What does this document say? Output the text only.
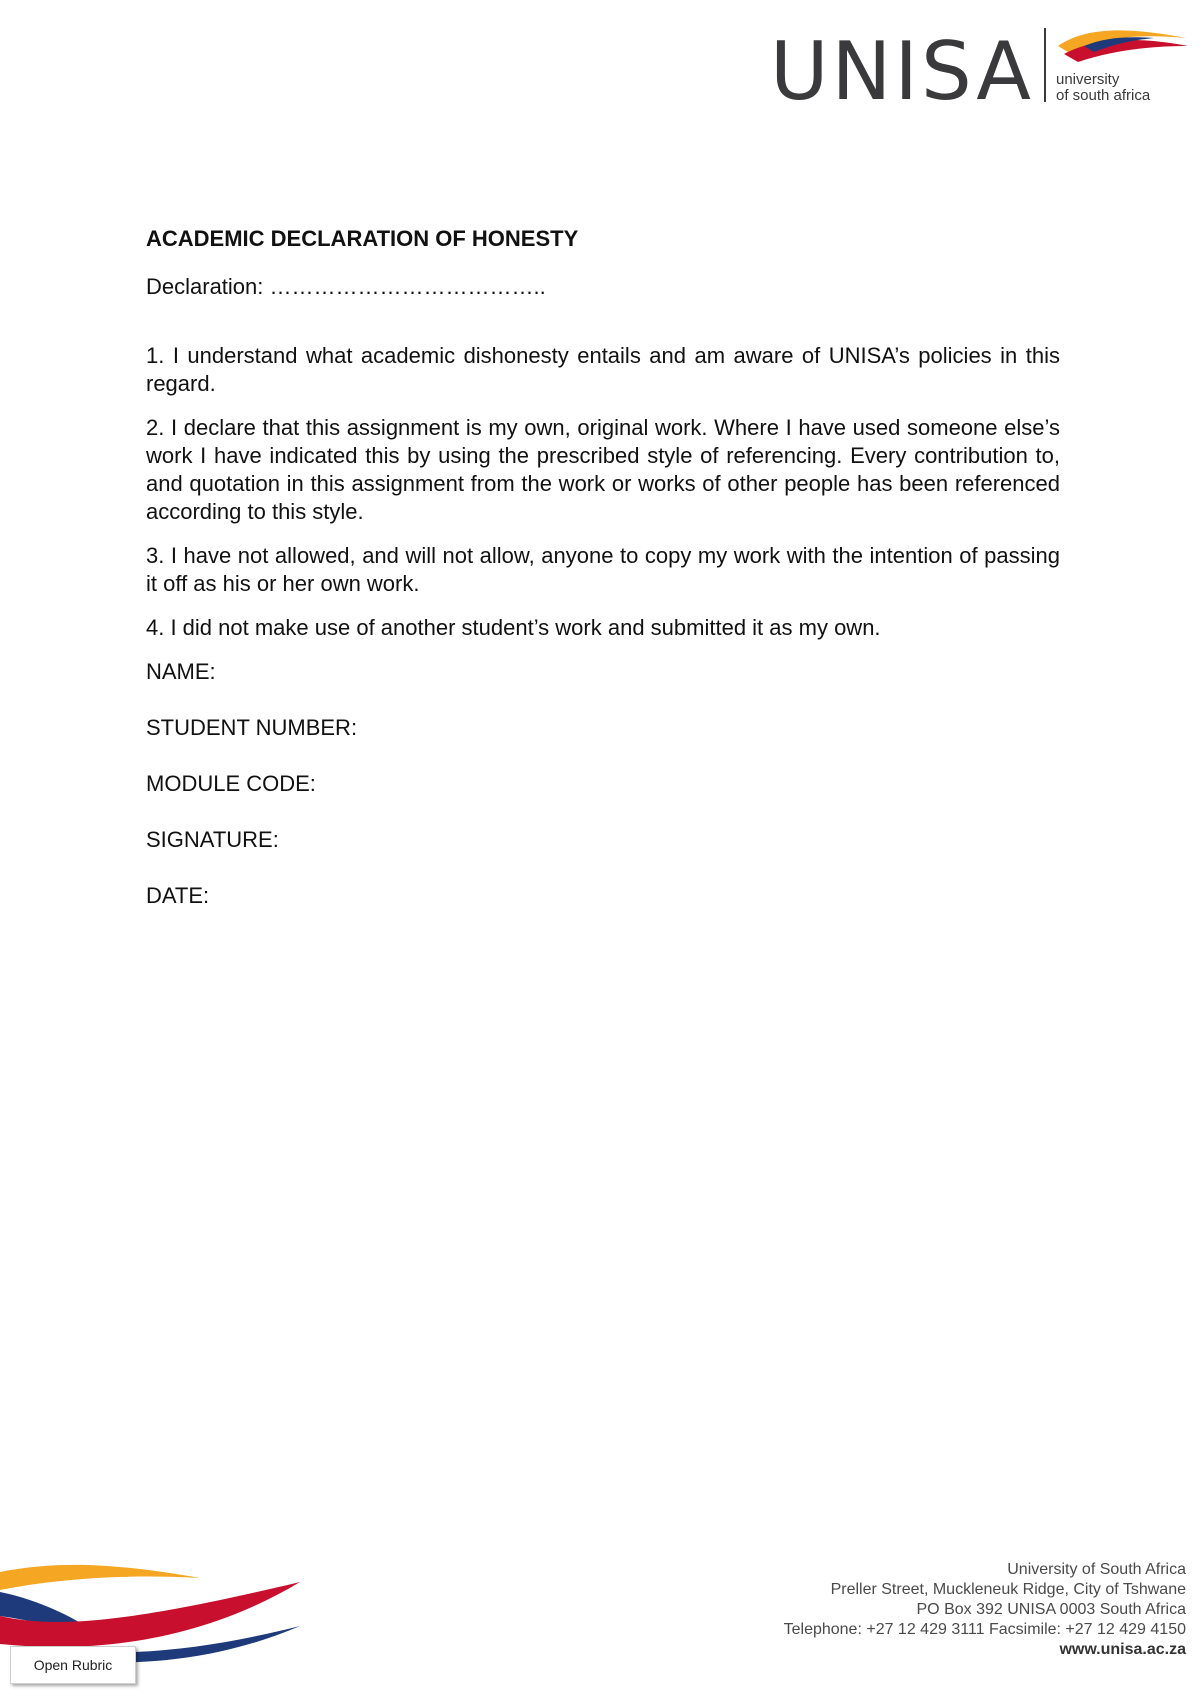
UNISA university
of south africa

ACADEMIC DECLARATION OF HONESTY

Declaration: ………………………………..

1. I understand what academic dishonesty entails and am aware of UNISA’s policies in this regard.

2. I declare that this assignment is my own, original work. Where I have used someone else’s work I have indicated this by using the prescribed style of referencing. Every contribution to, and quotation in this assignment from the work or works of other people has been referenced according to this style.

3. I have not allowed, and will not allow, anyone to copy my work with the intention of passing it off as his or her own work.

4. I did not make use of another student’s work and submitted it as my own.

NAME:

STUDENT NUMBER:

MODULE CODE:

SIGNATURE:

DATE:

University of South Africa
Preller Street, Muckleneuk Ridge, City of Tshwane
PO Box 392 UNISA 0003 South Africa
Telephone: +27 12 429 3111 Facsimile: +27 12 429 4150
www.unisa.ac.za
Open Rubric
